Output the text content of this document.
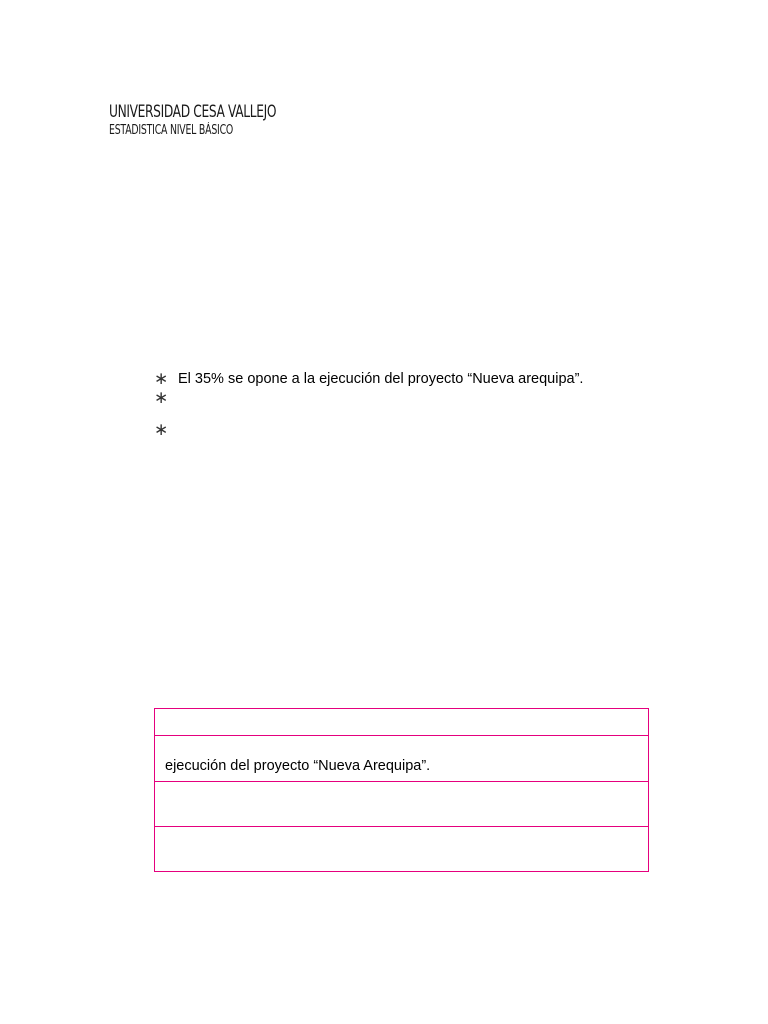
UNIVERSIDAD CESA VALLEJO
ESTADISTICA NIVEL BÁSICO
∗ El 35% se opone a la ejecución del proyecto “Nueva arequipa”.
∗
∗
ejecución del proyecto “Nueva Arequipa”.
